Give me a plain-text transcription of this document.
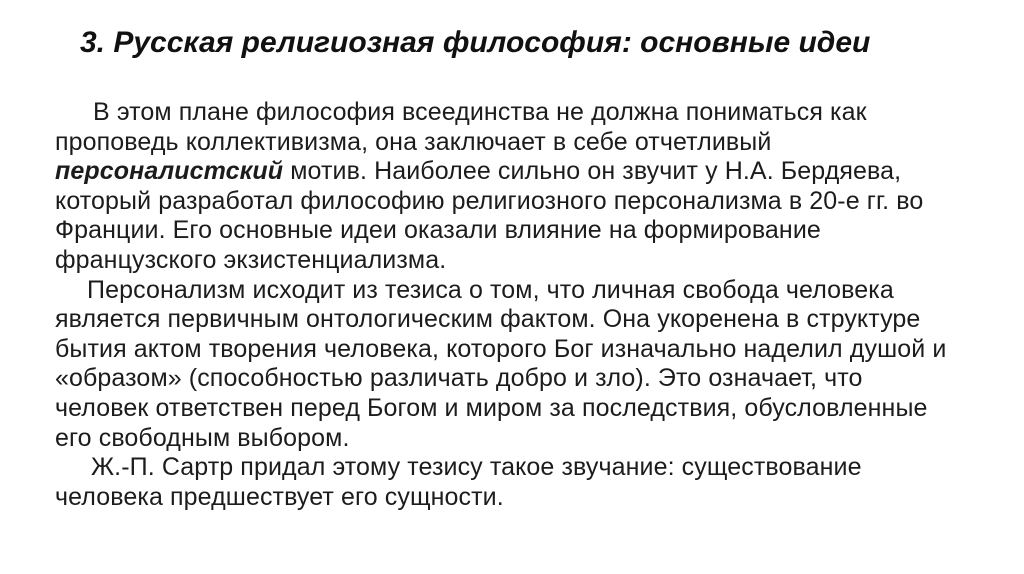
3. Русская религиозная философия: основные идеи
В этом плане философия всеединства не должна пониматься как
проповедь коллективизма, она заключает в себе отчетливый
персоналистский мотив. Наиболее сильно он звучит у Н.А. Бердяева,
который разработал философию религиозного персонализма в 20-е гг. во
Франции. Его основные идеи оказали влияние на формирование
французского экзистенциализма.
Персонализм исходит из тезиса о том, что личная свобода человека
является первичным онтологическим фактом. Она укоренена в структуре
бытия актом творения человека, которого Бог изначально наделил душой и
«образом» (способностью различать добро и зло). Это означает, что
человек ответствен перед Богом и миром за последствия, обусловленные
его свободным выбором.
Ж.-П. Сартр придал этому тезису такое звучание: существование
человека предшествует его сущности.
